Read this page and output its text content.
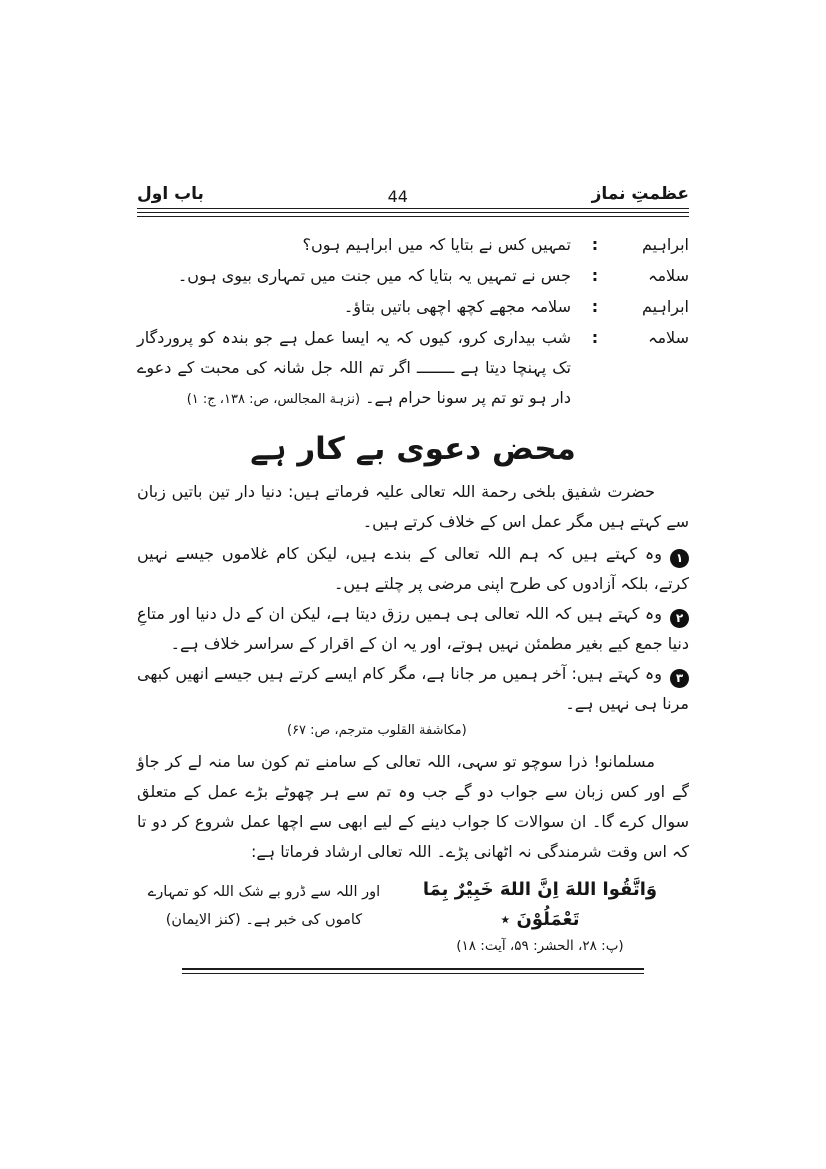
عظمتِ نماز
44
باب اول
ابراہیم
:
تمہیں کس نے بتایا کہ میں ابراہیم ہوں؟
سلامہ
:
جس نے تمہیں یہ بتایا کہ میں جنت میں تمہاری بیوی ہوں۔
ابراہیم
:
سلامہ مجھے کچھ اچھی باتیں بتاؤ۔
سلامہ
:
شب بیداری کرو، کیوں کہ یہ ایسا عمل ہے جو بندہ کو پروردگار تک پہنچا دیتا ہے ــــــــ اگر تم اللہ جل شانہ کی محبت کے دعوے دار ہو تو تم پر سونا حرام ہے۔ (نزہة المجالس، ص: ۱۳۸، ج: ۱)
محض دعوی بے کار ہے

حضرت شفیق بلخی رحمة اللہ تعالی علیہ فرماتے ہیں: دنیا دار تین باتیں زبان سے کہتے ہیں مگر عمل اس کے خلاف کرتے ہیں۔

۱وہ کہتے ہیں کہ ہم اللہ تعالی کے بندے ہیں، لیکن کام غلاموں جیسے نہیں کرتے، بلکہ آزادوں کی طرح اپنی مرضی پر چلتے ہیں۔
۲وہ کہتے ہیں کہ اللہ تعالی ہی ہمیں رزق دیتا ہے، لیکن ان کے دل دنیا اور متاعِ دنیا جمع کیے بغیر مطمئن نہیں ہوتے، اور یہ ان کے اقرار کے سراسر خلاف ہے۔
۳وہ کہتے ہیں: آخر ہمیں مر جانا ہے، مگر کام ایسے کرتے ہیں جیسے انھیں کبھی مرنا ہی نہیں ہے۔
(مکاشفة القلوب مترجم، ص: ۶۷)

مسلمانو! ذرا سوچو تو سہی، اللہ تعالی کے سامنے تم کون سا منہ لے کر جاؤ گے اور کس زبان سے جواب دو گے جب وہ تم سے ہر چھوٹے بڑے عمل کے متعلق سوال کرے گا۔ ان سوالات کا جواب دینے کے لیے ابھی سے اچھا عمل شروع کر دو تا کہ اس وقت شرمندگی نہ اٹھانی پڑے۔ اللہ تعالی ارشاد فرماتا ہے:

وَاتَّقُوا اللهَ اِنَّ اللهَ خَبِيْرٌ بِمَا تَعْمَلُوْنَ ٭
(پ: ۲۸، الحشر: ۵۹، آیت: ۱۸)
اور اللہ سے ڈرو بے شک اللہ کو تمہارے کاموں کی خبر ہے۔ (کنز الایمان)
